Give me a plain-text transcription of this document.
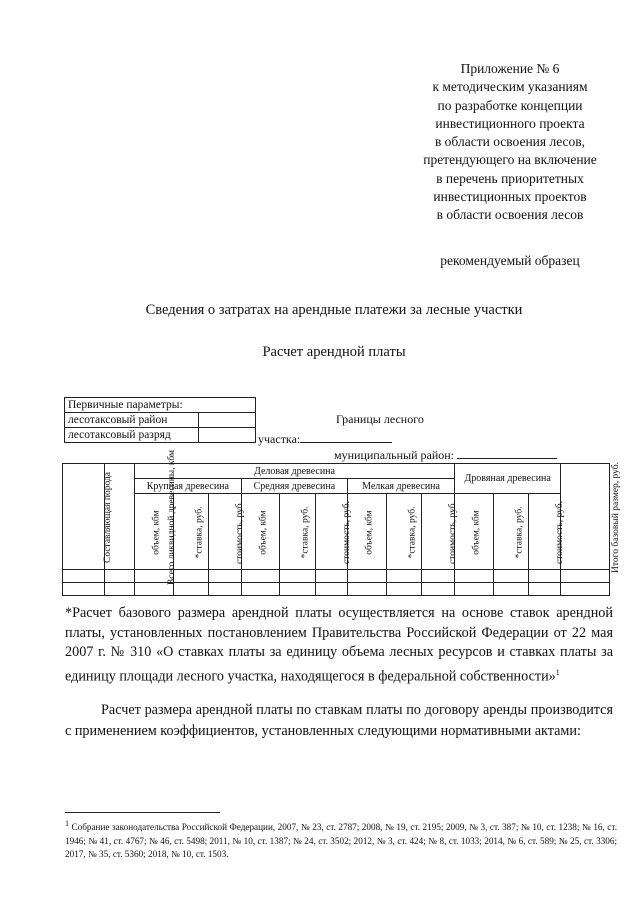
Приложение № 6
к методическим указаниям
по разработке концепции
инвестиционного проекта
в области освоения лесов,
претендующего на включение
в перечень приоритетных
инвестиционных проектов
в области освоения лесов
рекомендуемый образец
Сведения о затратах на арендные платежи за лесные участки
Расчет арендной платы
Первичные параметры:	
лесотаксовый район	
лесотаксовый разряд	
Границы лесного
участка:
муниципальный район:
Составляющая порода	Всего ликвидной древесины, кбм	Деловая древесина									Дровяная древесина			Итого базовый размер, руб.
		Крупная древесина			Средняя древесина			Мелкая древесина						
		объем, кбм	*ставка, руб.	стоимость, руб.	объем, кбм	*ставка, руб.	стоимость, руб.	объем, кбм	*ставка, руб.	стоимость, руб.	объем, кбм	*ставка, руб.	стоимость, руб.	

*Расчет базового размера арендной платы осуществляется на основе ставок арендной платы, установленных постановлением Правительства Российской Федерации от 22 мая 2007 г. № 310 «О ставках платы за единицу объема лесных ресурсов и ставках платы за единицу площади лесного участка, находящегося в федеральной собственности»$^1$
Расчет размера арендной платы по ставкам платы по договору аренды производится с применением коэффициентов, установленных следующими нормативными актами:
$^1$ Собрание законодательства Российской Федерации, 2007, № 23, ст. 2787; 2008, № 19, ст. 2195; 2009, № 3, ст. 387; № 10, ст. 1238; № 16, ст. 1946; № 41, ст. 4767; № 46, ст. 5498; 2011, № 10, ст. 1387; № 24, ст. 3502; 2012, № 3, ст. 424; № 8, ст. 1033; 2014, № 6, ст. 589; № 25, ст. 3306; 2017, № 35, ст. 5360; 2018, № 10, ст. 1503.
